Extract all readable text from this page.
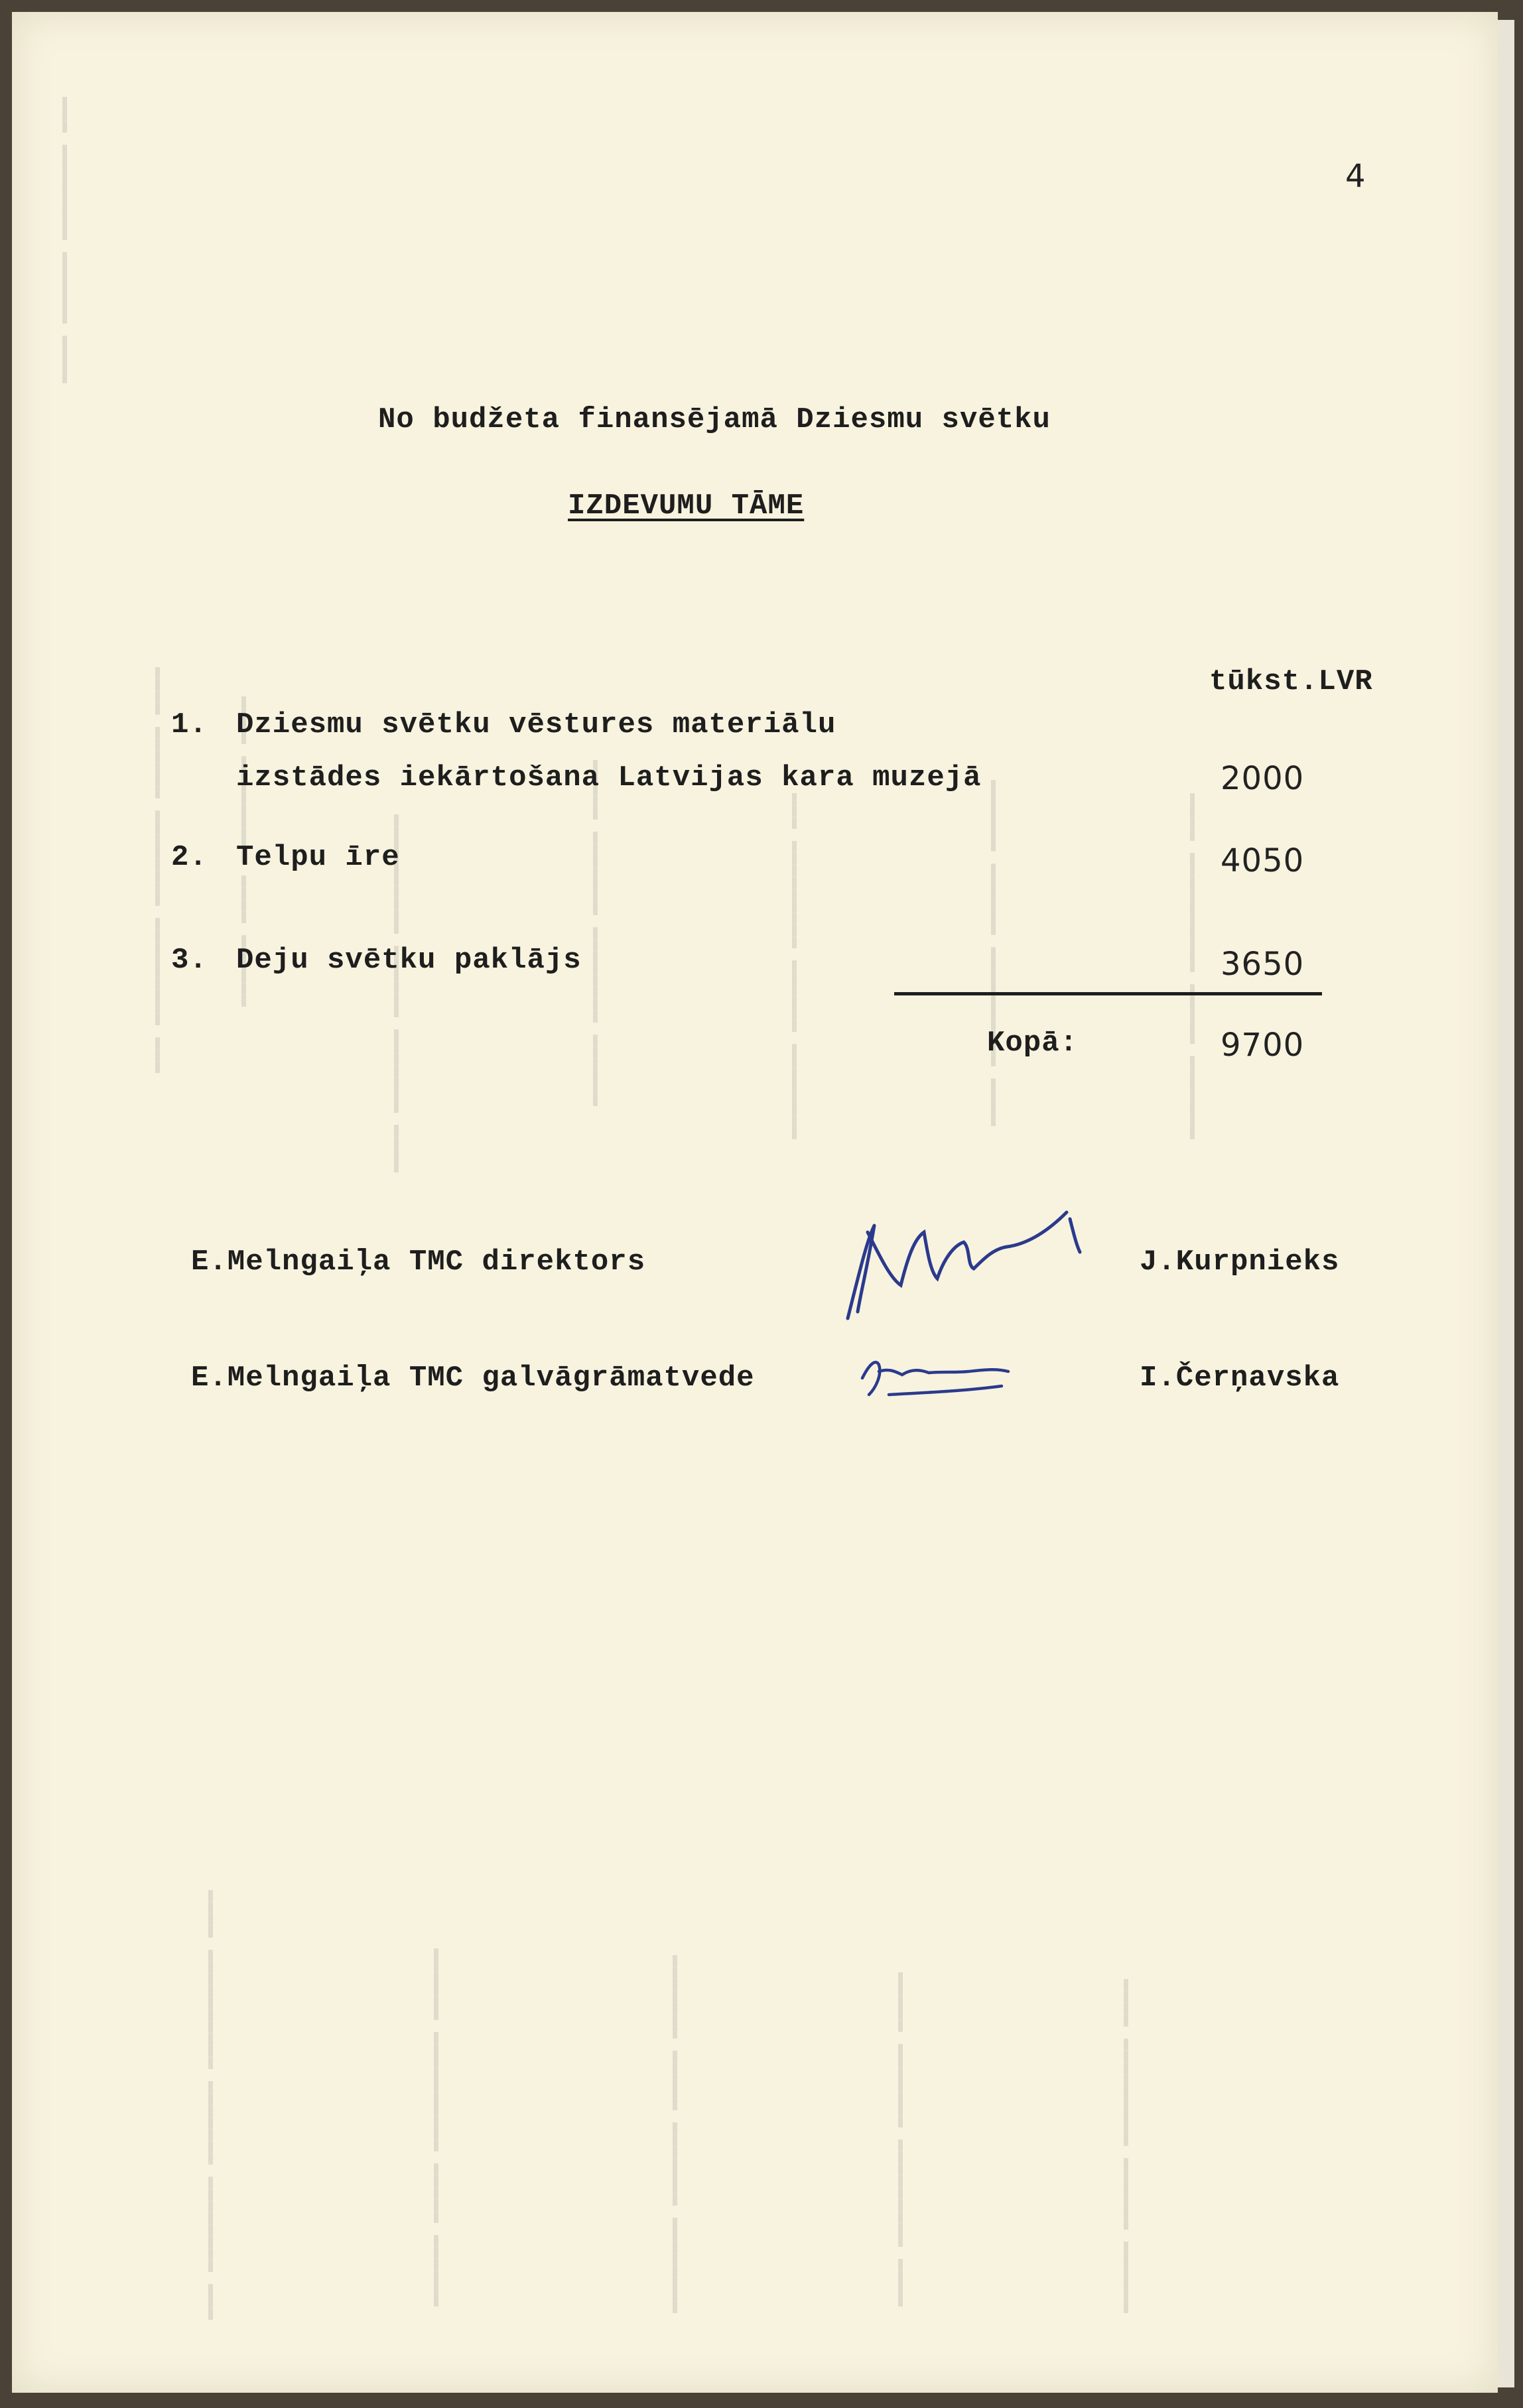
▬▬▬▬ ▬▬▬▬▬▬ ▬▬▬▬▬▬▬▬ ▬▬▬
▬▬▬ ▬▬▬▬▬▬▬▬▬ ▬▬▬▬▬▬▬▬ ▬▬▬▬▬▬ ▬▬▬▬	▬▬▬▬▬▬ ▬▬▬▬ ▬▬▬▬▬▬▬▬▬ ▬▬▬▬	▬▬▬▬ ▬▬▬▬▬▬▬ ▬▬▬▬▬▬ ▬▬▬▬▬▬▬▬▬▬	▬▬▬▬▬▬ ▬▬▬▬▬▬▬▬ ▬▬▬▬▬▬▬ ▬▬▬▬▬	▬▬▬▬▬▬▬▬ ▬▬▬▬▬▬ ▬▬▬▬▬▬▬▬▬ ▬▬▬	▬▬▬▬ ▬▬▬▬▬▬▬▬▬▬ ▬▬▬▬▬▬ ▬▬▬▬▬▬	▬▬▬▬▬▬▬ ▬▬▬▬▬ ▬▬▬▬▬▬▬▬▬▬ ▬▬▬▬
▬▬▬ ▬▬▬▬▬▬▬▬ ▬▬▬▬▬▬▬ ▬▬▬▬▬▬▬▬▬▬ ▬▬▬▬	▬▬▬▬▬▬ ▬▬▬▬▬ ▬▬▬▬▬▬▬▬▬▬ ▬▬▬▬▬▬	▬▬▬▬▬▬▬▬ ▬▬▬▬▬▬▬ ▬▬▬▬▬ ▬▬▬▬▬▬▬	▬▬▬▬ ▬▬▬▬▬▬▬▬▬ ▬▬▬▬▬▬▬ ▬▬▬▬▬	▬▬▬▬▬▬ ▬▬▬▬▬▬ ▬▬▬▬▬▬▬▬▬ ▬▬▬▬
4
No budžeta finansējamā Dziesmu svētku
IZDEVUMU TĀME
tūkst.LVR
1. Dziesmu svētku vēstures materiālu
izstādes iekārtošana Latvijas kara muzejā	2000
2. Telpu īre	4050
3. Deju svētku paklājs	3650
Kopā:	9700
E.Melngaiļa TMC direktors	J.Kurpnieks
E.Melngaiļa TMC galvāgrāmatvede	I.Čerņavska
